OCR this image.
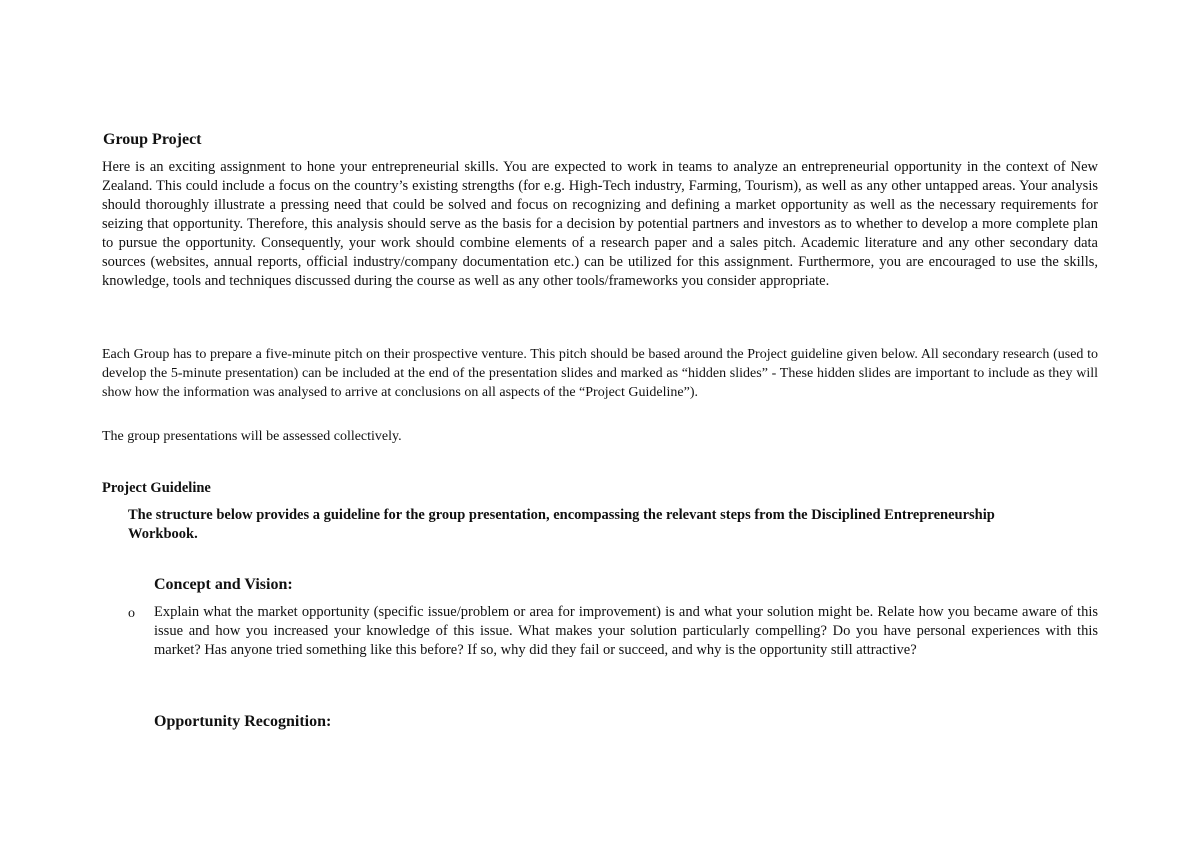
Group Project

Here is an exciting assignment to hone your entrepreneurial skills. You are expected to work in teams to analyze an entrepreneurial opportunity in the context of New Zealand. This could include a focus on the country’s existing strengths (for e.g. High-Tech industry, Farming, Tourism), as well as any other untapped areas. Your analysis should thoroughly illustrate a pressing need that could be solved and focus on recognizing and defining a market opportunity as well as the necessary requirements for seizing that opportunity. Therefore, this analysis should serve as the basis for a decision by potential partners and investors as to whether to develop a more complete plan to pursue the opportunity. Consequently, your work should combine elements of a research paper and a sales pitch. Academic literature and any other secondary data sources (websites, annual reports, official industry/company documentation etc.) can be utilized for this assignment. Furthermore, you are encouraged to use the skills, knowledge, tools and techniques discussed during the course as well as any other tools/frameworks you consider appropriate.

Each Group has to prepare a five-minute pitch on their prospective venture. This pitch should be based around the Project guideline given below. All secondary research (used to develop the 5-minute presentation) can be included at the end of the presentation slides and marked as “hidden slides” - These hidden slides are important to include as they will show how the information was analysed to arrive at conclusions on all aspects of the “Project Guideline”).

The group presentations will be assessed collectively.

Project Guideline

The structure below provides a guideline for the group presentation, encompassing the relevant steps from the Disciplined Entrepreneurship Workbook.

Concept and Vision:
o Explain what the market opportunity (specific issue/problem or area for improvement) is and what your solution might be. Relate how you became aware of this issue and how you increased your knowledge of this issue. What makes your solution particularly compelling? Do you have personal experiences with this market? Has anyone tried something like this before? If so, why did they fail or succeed, and why is the opportunity still attractive?

Opportunity Recognition:
